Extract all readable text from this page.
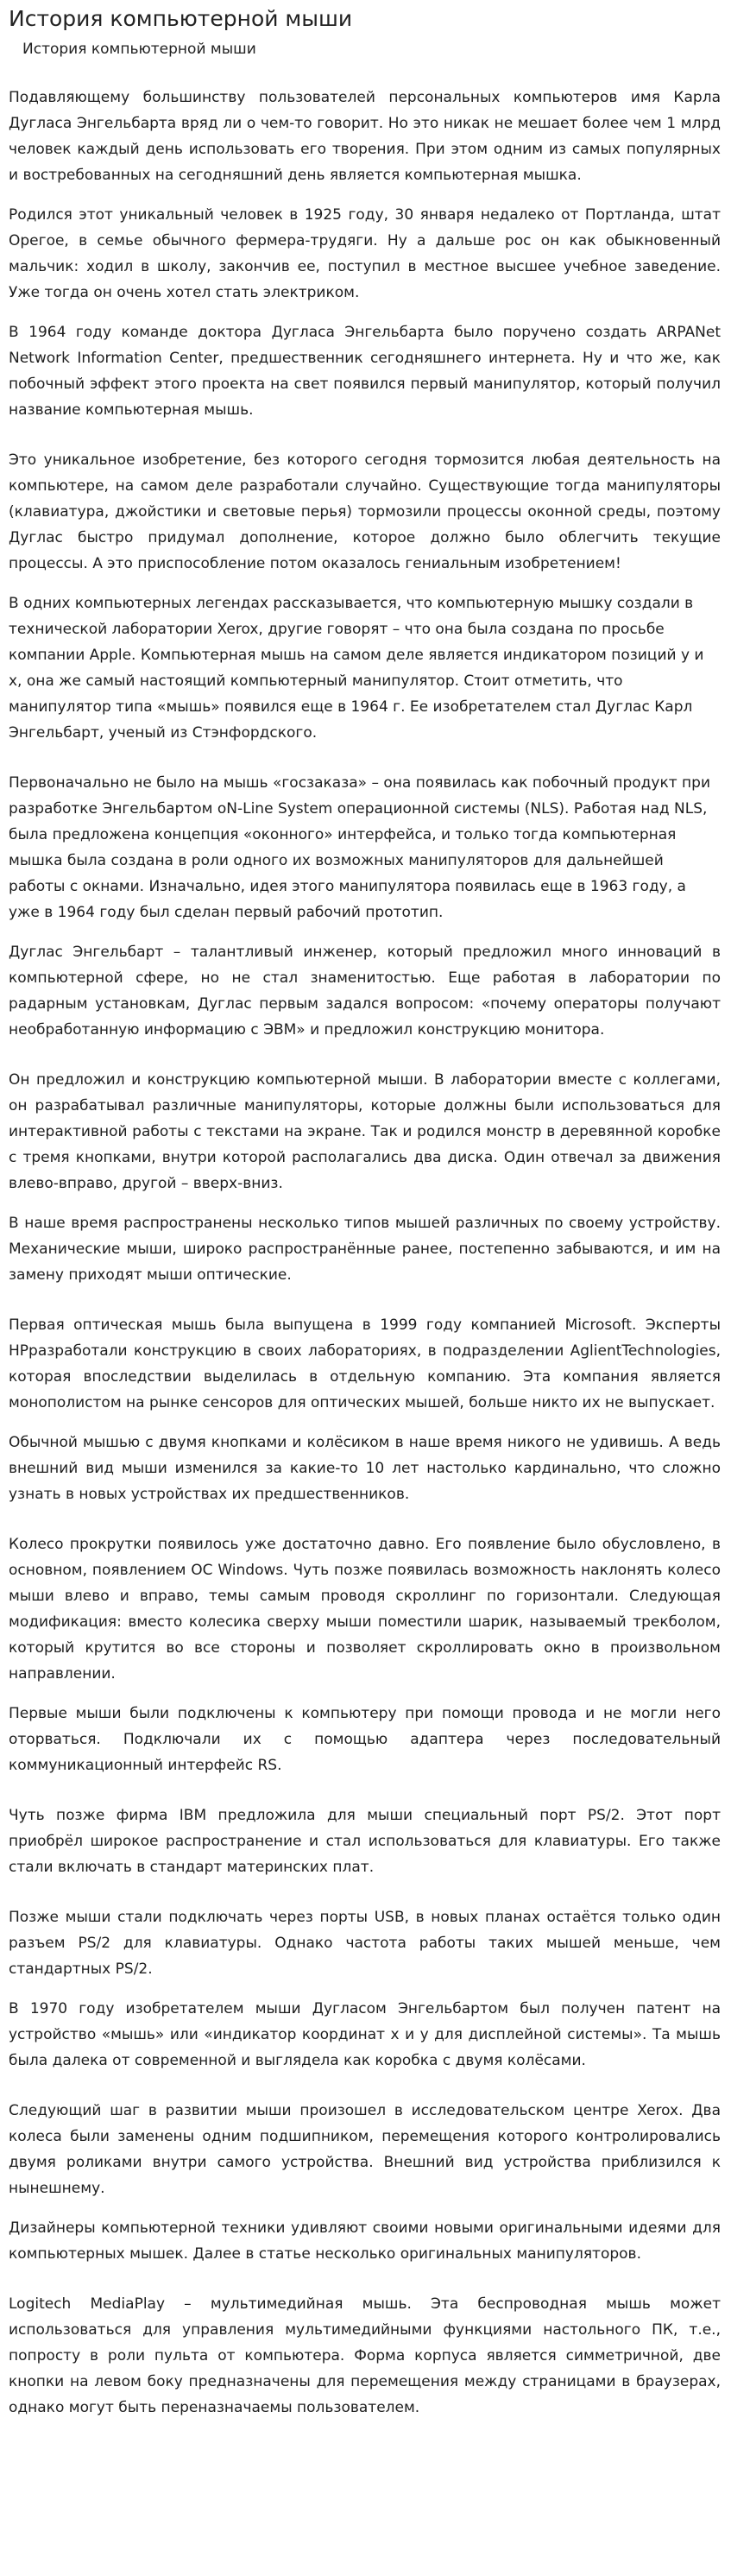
История компьютерной мыши
История компьютерной мыши

Подавляющему большинству пользователей персональных компьютеров имя Карла Дугласа Энгельбарта вряд ли о чем-то говорит. Но это никак не мешает более чем 1 млрд человек каждый день использовать его творения. При этом одним из самых популярных и востребованных на сегодняшний день является компьютерная мышка.

Родился этот уникальный человек в 1925 году, 30 января недалеко от Портланда, штат Орегое, в семье обычного фермера-трудяги. Ну а дальше рос он как обыкновенный мальчик: ходил в школу, закончив ее, поступил в местное высшее учебное заведение. Уже тогда он очень хотел стать электриком.

В 1964 году команде доктора Дугласа Энгельбарта было поручено создать ARPANet Network Information Center, предшественник сегодняшнего интернета. Ну и что же, как побочный эффект этого проекта на свет появился первый манипулятор, который получил название компьютерная мышь.

Это уникальное изобретение, без которого сегодня тормозится любая деятельность на компьютере, на самом деле разработали случайно. Существующие тогда манипуляторы (клавиатура, джойстики и световые перья) тормозили процессы оконной среды, поэтому Дуглас быстро придумал дополнение, которое должно было облегчить текущие процессы. А это приспособление потом оказалось гениальным изобретением!

В одних компьютерных легендах рассказывается, что компьютерную мышку создали в технической лаборатории Xerox, другие говорят – что она была создана по просьбе компании Apple. Компьютерная мышь на самом деле является индикатором позиций у и х, она же самый настоящий компьютерный манипулятор. Стоит отметить, что манипулятор типа «мышь» появился еще в 1964 г. Ее изобретателем стал Дуглас Карл Энгельбарт, ученый из Стэнфордского.

Первоначально не было на мышь «госзаказа» – она появилась как побочный продукт при разработке Энгельбартом oN-Line System операционной системы (NLS). Работая над NLS, была предложена концепция «оконного» интерфейса, и только тогда компьютерная мышка была создана в роли одного их возможных манипуляторов для дальнейшей работы с окнами. Изначально, идея этого манипулятора появилась еще в 1963 году, а уже в 1964 году был сделан первый рабочий прототип.

Дуглас Энгельбарт – талантливый инженер, который предложил много инноваций в компьютерной сфере, но не стал знаменитостью. Еще работая в лаборатории по радарным установкам, Дуглас первым задался вопросом: «почему операторы получают необработанную информацию с ЭВМ» и предложил конструкцию монитора.

Он предложил и конструкцию компьютерной мыши. В лаборатории вместе с коллегами, он разрабатывал различные манипуляторы, которые должны были использоваться для интерактивной работы с текстами на экране. Так и родился монстр в деревянной коробке с тремя кнопками, внутри которой располагались два диска. Один отвечал за движения влево-вправо, другой – вверх-вниз.

В наше время распространены несколько типов мышей различных по своему устройству. Механические мыши, широко распространённые ранее, постепенно забываются, и им на замену приходят мыши оптические.

Первая оптическая мышь была выпущена в 1999 году компанией Microsoft. Эксперты HPразработали конструкцию в своих лабораториях, в подразделении AglientTechnologies, которая впоследствии выделилась в отдельную компанию. Эта компания является монополистом на рынке сенсоров для оптических мышей, больше никто их не выпускает.

Обычной мышью с двумя кнопками и колёсиком в наше время никого не удивишь. А ведь внешний вид мыши изменился за какие-то 10 лет настолько кардинально, что сложно узнать в новых устройствах их предшественников.

Колесо прокрутки появилось уже достаточно давно. Его появление было обусловлено, в основном, появлением ОС Windows. Чуть позже появилась возможность наклонять колесо мыши влево и вправо, темы самым проводя скроллинг по горизонтали. Следующая модификация: вместо колесика сверху мыши поместили шарик, называемый трекболом, который крутится во все стороны и позволяет скроллировать окно в произвольном направлении.

Первые мыши были подключены к компьютеру при помощи провода и не могли него оторваться. Подключали их с помощью адаптера через последовательный коммуникационный интерфейс RS.

Чуть позже фирма IBM предложила для мыши специальный порт PS/2. Этот порт приобрёл широкое распространение и стал использоваться для клавиатуры. Его также стали включать в стандарт материнских плат.

Позже мыши стали подключать через порты USB, в новых планах остаётся только один разъем PS/2 для клавиатуры. Однако частота работы таких мышей меньше, чем стандартных PS/2.

В 1970 году изобретателем мыши Дугласом Энгельбартом был получен патент на устройство «мышь» или «индикатор координат х и у для дисплейной системы». Та мышь была далека от современной и выглядела как коробка с двумя колёсами.

Следующий шаг в развитии мыши произошел в исследовательском центре Xerox. Два колеса были заменены одним подшипником, перемещения которого контролировались двумя роликами внутри самого устройства. Внешний вид устройства приблизился к нынешнему.

Дизайнеры компьютерной техники удивляют своими новыми оригинальными идеями для компьютерных мышек. Далее в статье несколько оригинальных манипуляторов.

Logitech MediaPlay – мультимедийная мышь. Эта беспроводная мышь может использоваться для управления мультимедийными функциями настольного ПК, т.е., попросту в роли пульта от компьютера. Форма корпуса является симметричной, две кнопки на левом боку предназначены для перемещения между страницами в браузерах, однако могут быть переназначаемы пользователем.
